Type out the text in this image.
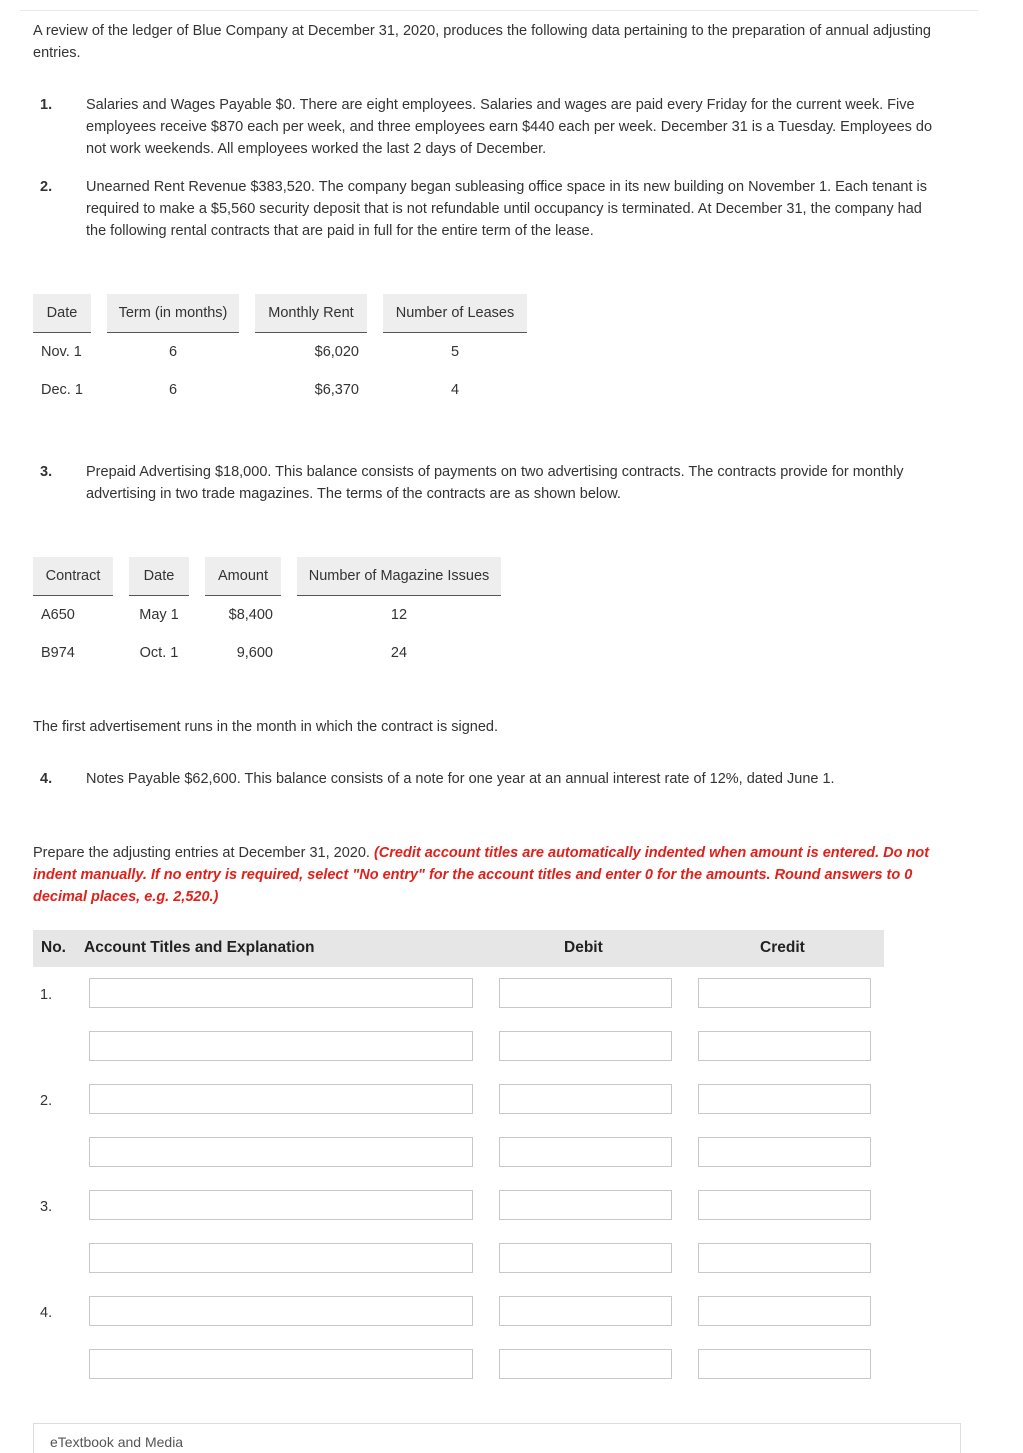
A review of the ledger of Blue Company at December 31, 2020, produces the following data pertaining to the preparation of annual adjusting entries.

1. Salaries and Wages Payable $0. There are eight employees. Salaries and wages are paid every Friday for the current week. Five employees receive $870 each per week, and three employees earn $440 each per week. December 31 is a Tuesday. Employees do not work weekends. All employees worked the last 2 days of December.
2. Unearned Rent Revenue $383,520. The company began subleasing office space in its new building on November 1. Each tenant is required to make a $5,560 security deposit that is not refundable until occupancy is terminated. At December 31, the company had the following rental contracts that are paid in full for the entire term of the lease.
Date		Term (in months)		Monthly Rent		Number of Leases
Nov. 1		6		$6,020		5
Dec. 1		6		$6,370		4
3. Prepaid Advertising $18,000. This balance consists of payments on two advertising contracts. The contracts provide for monthly advertising in two trade magazines. The terms of the contracts are as shown below.
Contract		Date		Amount		Number of Magazine Issues
A650		May 1		$8,400		12
B974		Oct. 1		9,600		24

The first advertisement runs in the month in which the contract is signed.

4. Notes Payable $62,600. This balance consists of a note for one year at an annual interest rate of 12%, dated June 1.
Prepare the adjusting entries at December 31, 2020. (Credit account titles are automatically indented when amount is entered. Do not indent manually. If no entry is required, select "No entry" for the account titles and enter 0 for the amounts. Round answers to 0 decimal places, e.g. 2,520.)
No. Account Titles and Explanation	Debit	Credit
1.
2.
3.
4.
eTextbook and Media
